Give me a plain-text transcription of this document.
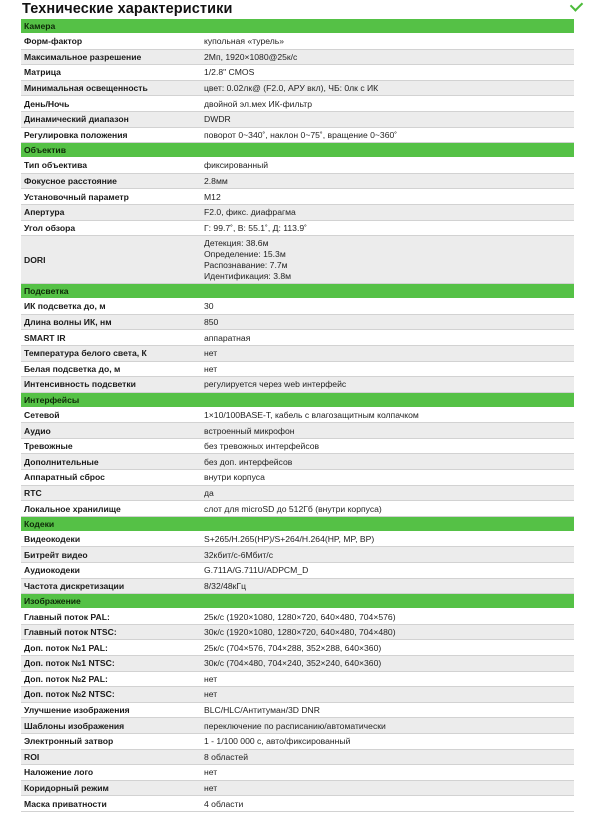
Технические характеристики
Камера	
Форм-фактор	купольная «турель»
Максимальное разрешение	2Мп, 1920×1080@25к/с
Матрица	1/2.8" CMOS
Минимальная освещенность	цвет: 0.02лк@ (F2.0, АРУ вкл), ЧБ: 0лк с ИК
День/Ночь	двойной эл.мех ИК-фильтр
Динамический диапазон	DWDR
Регулировка положения	поворот 0~340˚, наклон 0~75˚, вращение 0~360˚
Объектив	
Тип объектива	фиксированный
Фокусное расстояние	2.8мм
Установочный параметр	M12
Апертура	F2.0, фикс. диафрагма
Угол обзора	Г: 99.7˚, В: 55.1˚, Д: 113.9˚
DORI	Детекция: 38.6м
Определение: 15.3м
Распознавание: 7.7м
Идентификация: 3.8м
Подсветка	
ИК подсветка до, м	30
Длина волны ИК, нм	850
SMART IR	аппаратная
Температура белого света, К	нет
Белая подсветка до, м	нет
Интенсивность подсветки	регулируется через web интерфейс
Интерфейсы	
Сетевой	1×10/100BASE-T, кабель с влагозащитным колпачком
Аудио	встроенный микрофон
Тревожные	без тревожных интерфейсов
Дополнительные	без доп. интерфейсов
Аппаратный сброс	внутри корпуса
RTC	да
Локальное хранилище	слот для microSD до 512Гб (внутри корпуса)
Кодеки	
Видеокодеки	S+265/H.265(HP)/S+264/H.264(HP, MP, BP)
Битрейт видео	32кбит/с-6Мбит/с
Аудиокодеки	G.711A/G.711U/ADPCM_D
Частота дискретизации	8/32/48кГц
Изображение	
Главный поток PAL:	25к/с (1920×1080, 1280×720, 640×480, 704×576)
Главный поток NTSC:	30к/с (1920×1080, 1280×720, 640×480, 704×480)
Доп. поток №1 PAL:	25к/с (704×576, 704×288, 352×288, 640×360)
Доп. поток №1 NTSC:	30к/с (704×480, 704×240, 352×240, 640×360)
Доп. поток №2 PAL:	нет
Доп. поток №2 NTSC:	нет
Улучшение изображения	BLC/HLC/Антитуман/3D DNR
Шаблоны изображения	переключение по расписанию/автоматически
Электронный затвор	1 - 1/100 000 с, авто/фиксированный
ROI	8 областей
Наложение лого	нет
Коридорный режим	нет
Маска приватности	4 области
